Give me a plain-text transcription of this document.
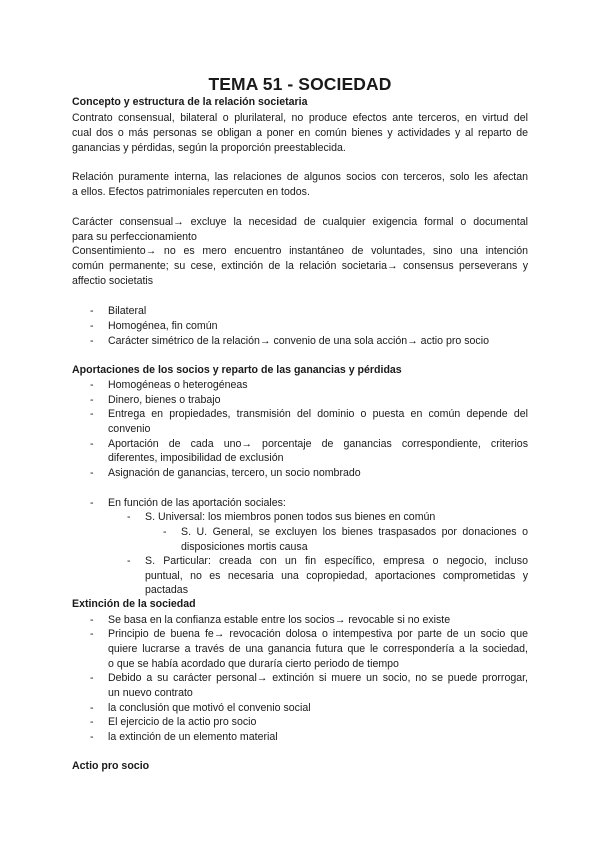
TEMA 51 - SOCIEDAD
Concepto y estructura de la relación societaria
Contrato consensual, bilateral o plurilateral, no produce efectos ante terceros, en virtud del
cual dos o más personas se obligan a poner en común bienes y actividades y al reparto de
ganancias y pérdidas, según la proporción preestablecida.
Relación puramente interna, las relaciones de algunos socios con terceros, solo les afectan
a ellos. Efectos patrimoniales repercuten en todos.
Carácter consensual→ excluye la necesidad de cualquier exigencia formal o documental
para su perfeccionamiento
Consentimiento→ no es mero encuentro instantáneo de voluntades, sino una intención
común permanente; su cese, extinción de la relación societaria→ consensus perseverans y
affectio societatis
- Bilateral
- Homogénea, fin común
- Carácter simétrico de la relación→ convenio de una sola acción→ actio pro socio
Aportaciones de los socios y reparto de las ganancias y pérdidas
- Homogéneas o heterogéneas
- Dinero, bienes o trabajo
- Entrega en propiedades, transmisión del dominio o puesta en común depende del
convenio
- Aportación de cada uno→ porcentaje de ganancias correspondiente, criterios
diferentes, imposibilidad de exclusión
- Asignación de ganancias, tercero, un socio nombrado
- En función de las aportación sociales:
- S. Universal: los miembros ponen todos sus bienes en común
- S. U. General, se excluyen los bienes traspasados por donaciones o
disposiciones mortis causa
- S. Particular: creada con un fin específico, empresa o negocio, incluso
puntual, no es necesaria una copropiedad, aportaciones comprometidas y
pactadas
Extinción de la sociedad
- Se basa en la confianza estable entre los socios→ revocable si no existe
- Principio de buena fe→ revocación dolosa o intempestiva por parte de un socio que
quiere lucrarse a través de una ganancia futura que le correspondería a la sociedad,
o que se había acordado que duraría cierto periodo de tiempo
- Debido a su carácter personal→ extinción si muere un socio, no se puede prorrogar,
un nuevo contrato
- la conclusión que motivó el convenio social
- El ejercicio de la actio pro socio
- la extinción de un elemento material
Actio pro socio
